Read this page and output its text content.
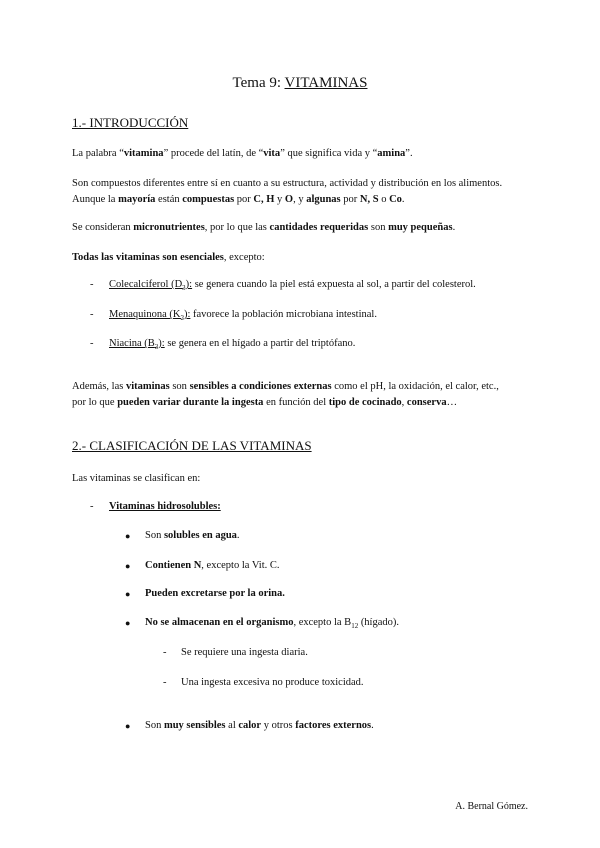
Tema 9: VITAMINAS
1.- INTRODUCCIÓN
La palabra “vitamina” procede del latín, de “vita” que significa vida y “amina”.
Son compuestos diferentes entre sí en cuanto a su estructura, actividad y distribución en los alimentos.
Aunque la mayoría están compuestas por C, H y O, y algunas por N, S o Co.
Se consideran micronutrientes, por lo que las cantidades requeridas son muy pequeñas.
Todas las vitaminas son esenciales, excepto:
- Colecalciferol $(D_3)$: se genera cuando la piel está expuesta al sol, a partir del colesterol.
- Menaquinona $(K_2)$: favorece la población microbiana intestinal.
- Niacina $(B_3)$: se genera en el hígado a partir del triptófano.
Además, las vitaminas son sensibles a condiciones externas como el pH, la oxidación, el calor, etc.,
por lo que pueden variar durante la ingesta en función del tipo de cocinado, conserva…
2.- CLASIFICACIÓN DE LAS VITAMINAS
Las vitaminas se clasifican en:
- Vitaminas hidrosolubles:
● Son solubles en agua.
● Contienen N, excepto la Vit. C.
● Pueden excretarse por la orina.
● No se almacenan en el organismo, excepto la $B_{12}$ (hígado).
- Se requiere una ingesta diaria.
- Una ingesta excesiva no produce toxicidad.
● Son muy sensibles al calor y otros factores externos.
A. Bernal Gómez.
